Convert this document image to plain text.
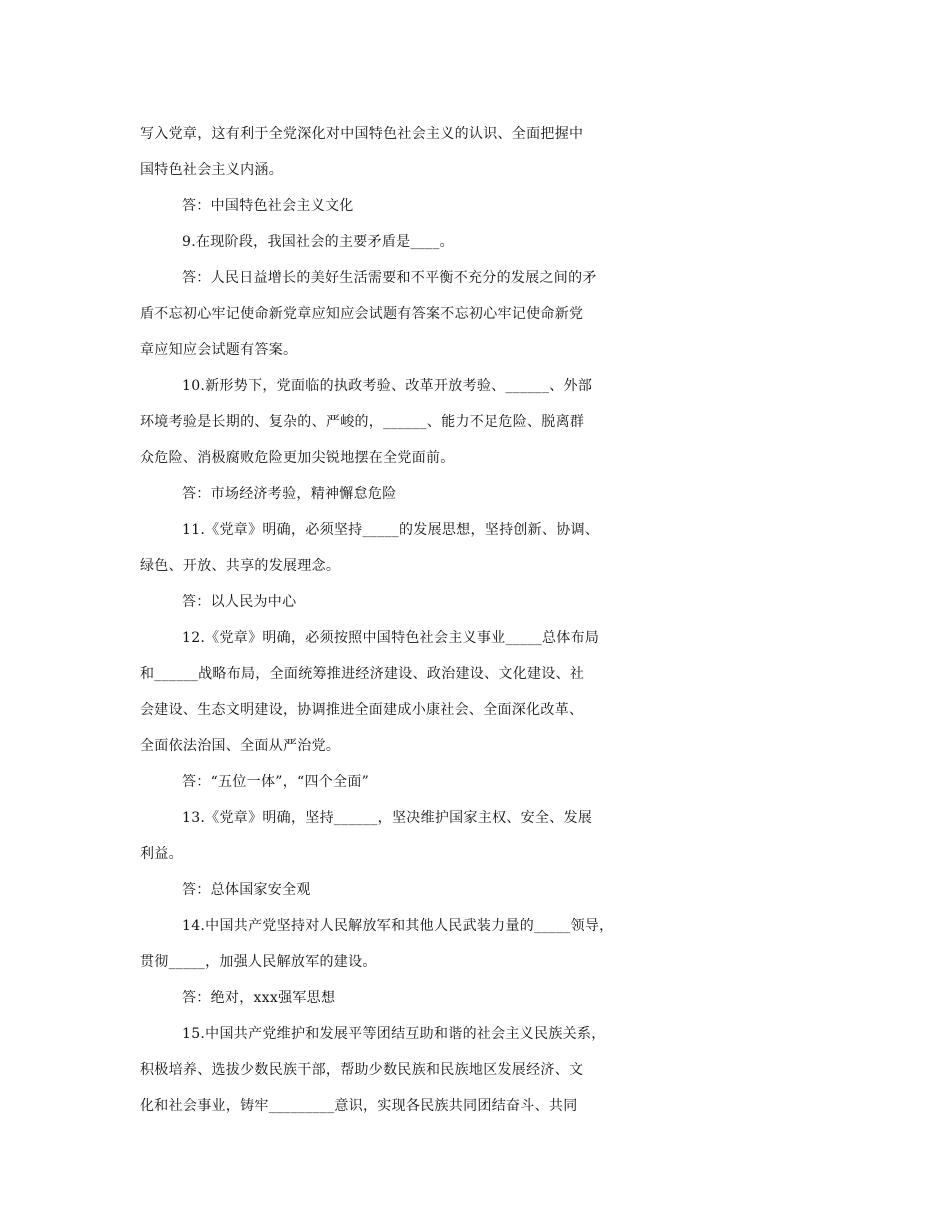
写入党章，这有利于全党深化对中国特色社会主义的认识、全面把握中
国特色社会主义内涵。
答：中国特色社会主义文化
9.在现阶段，我国社会的主要矛盾是____。
答：人民日益增长的美好生活需要和不平衡不充分的发展之间的矛
盾不忘初心牢记使命新党章应知应会试题有答案不忘初心牢记使命新党
章应知应会试题有答案。
10.新形势下，党面临的执政考验、改革开放考验、______、外部
环境考验是长期的、复杂的、严峻的，______、能力不足危险、脱离群
众危险、消极腐败危险更加尖锐地摆在全党面前。
答：市场经济考验，精神懈怠危险
11.《党章》明确，必须坚持_____的发展思想，坚持创新、协调、
绿色、开放、共享的发展理念。
答：以人民为中心
12.《党章》明确，必须按照中国特色社会主义事业_____总体布局
和______战略布局，全面统筹推进经济建设、政治建设、文化建设、社
会建设、生态文明建设，协调推进全面建成小康社会、全面深化改革、
全面依法治国、全面从严治党。
答：“五位一体”，“四个全面”
13.《党章》明确，坚持______，坚决维护国家主权、安全、发展
利益。
答：总体国家安全观
14.中国共产党坚持对人民解放军和其他人民武装力量的_____领导，
贯彻_____，加强人民解放军的建设。
答：绝对，xxx强军思想
15.中国共产党维护和发展平等团结互助和谐的社会主义民族关系，
积极培养、选拔少数民族干部，帮助少数民族和民族地区发展经济、文
化和社会事业，铸牢_________意识，实现各民族共同团结奋斗、共同
